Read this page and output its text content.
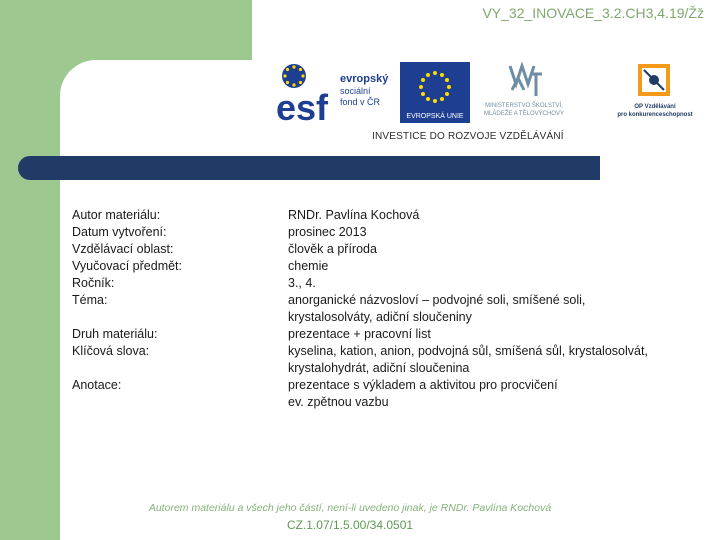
VY_32_INOVACE_3.2.CH3,4.19/Žž
esf
evropský
sociální
fond v ČR
EVROPSKÁ UNIE
MINISTERSTVO ŠKOLSTVÍ,
MLÁDEŽE A TĚLOVÝCHOVY
OP Vzdělávání
pro konkurenceschopnost
INVESTICE DO ROZVOJE VZDĚLÁVÁNÍ
Autor materiálu:	RNDr. Pavlína Kochová
Datum vytvoření:	prosinec 2013
Vzdělávací oblast:	člověk a příroda
Vyučovací předmět:	chemie
Ročník:	3., 4.
Téma:	anorganické názvosloví – podvojné soli, smíšené soli,
krystalosolváty, adiční sloučeniny
Druh materiálu:	prezentace + pracovní list
Klíčová slova:	kyselina, kation, anion, podvojná sůl, smíšená sůl, krystalosolvát,
krystalohydrát, adiční sloučenina
Anotace:	prezentace s výkladem a aktivitou pro procvičení
ev. zpětnou vazbu
Autorem materiálu a všech jeho částí, není-li uvedeno jinak, je RNDr. Pavlína Kochová
CZ.1.07/1.5.00/34.0501
